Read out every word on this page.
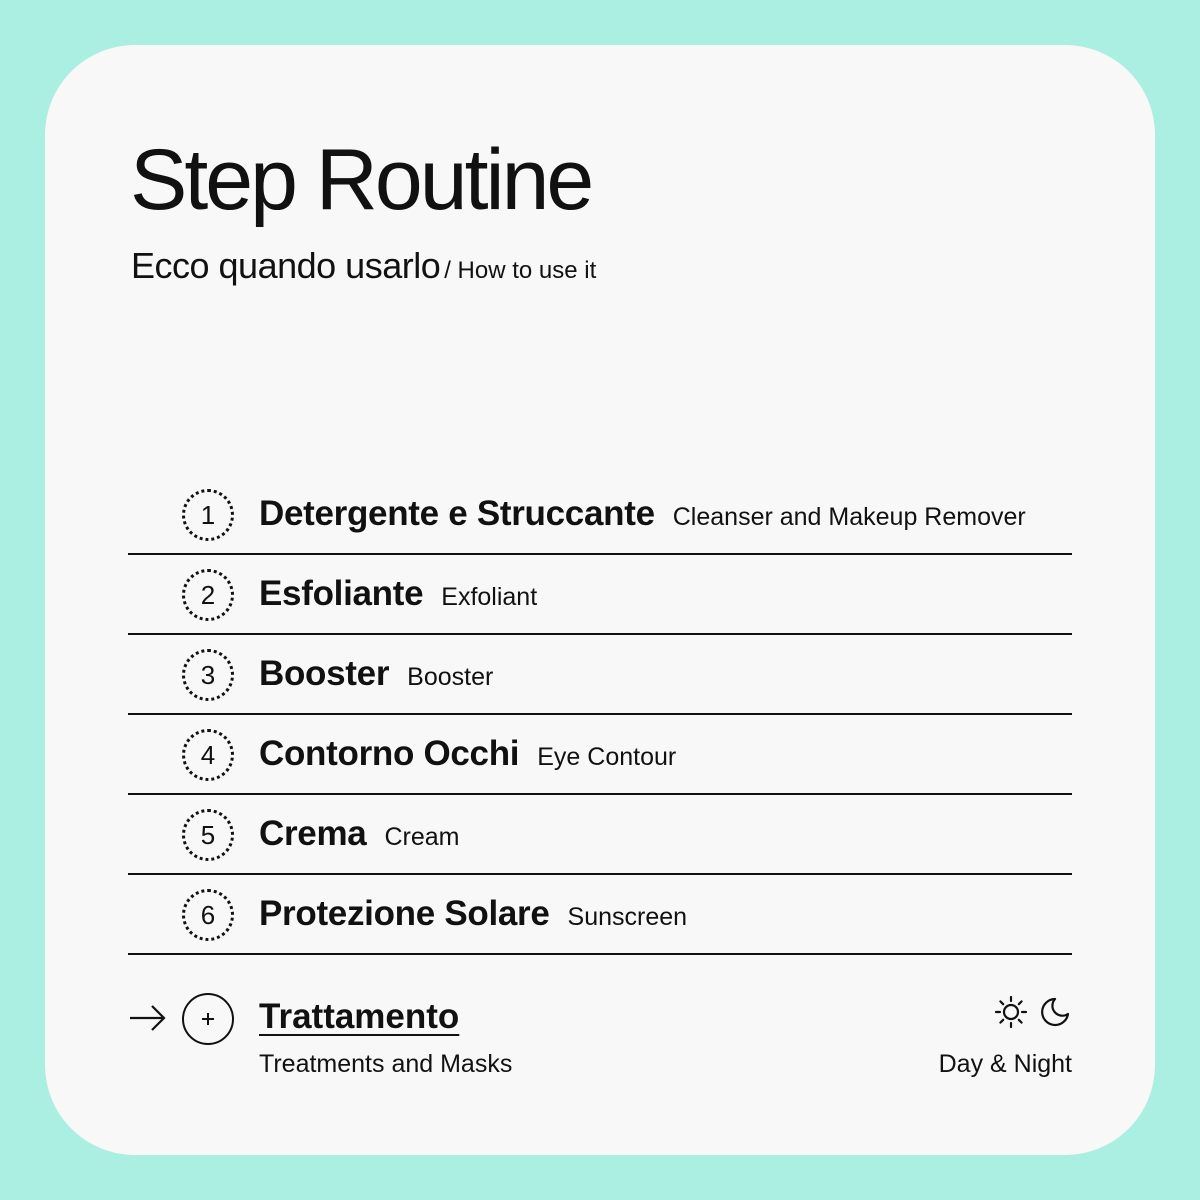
Step Routine

Ecco quando usarlo / How to use it

1	Detergente e Struccante Cleanser and Makeup Remover
2	Esfoliante Exfoliant
3	Booster Booster
4	Contorno Occhi Eye Contour
5	Crema Cream
6	Protezione Solare Sunscreen
Trattamento
Treatments and Masks	Day & Night
